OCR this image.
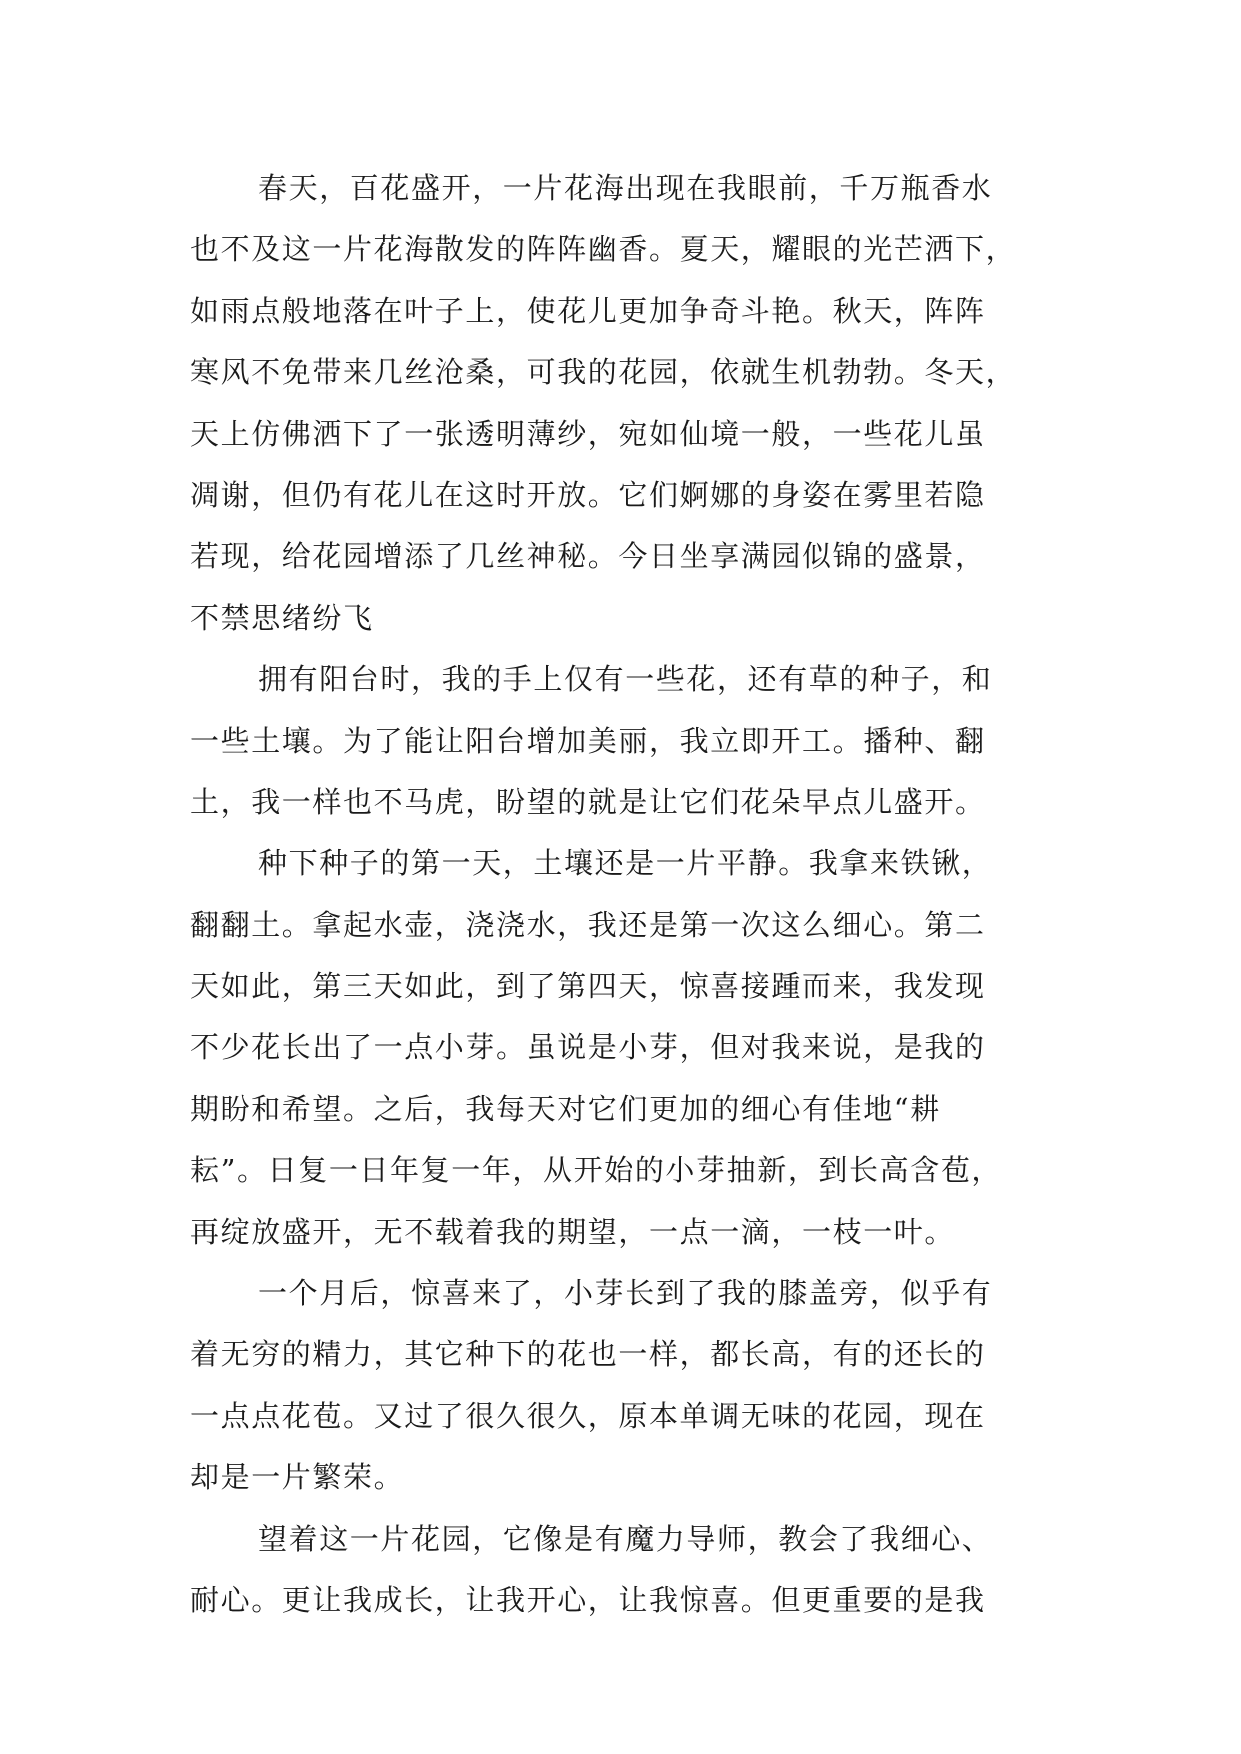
春天，百花盛开，一片花海出现在我眼前，千万瓶香水
也不及这一片花海散发的阵阵幽香。夏天，耀眼的光芒洒下，
如雨点般地落在叶子上，使花儿更加争奇斗艳。秋天，阵阵
寒风不免带来几丝沧桑，可我的花园，依就生机勃勃。冬天，
天上仿佛洒下了一张透明薄纱，宛如仙境一般，一些花儿虽
凋谢，但仍有花儿在这时开放。它们婀娜的身姿在雾里若隐
若现，给花园增添了几丝神秘。今日坐享满园似锦的盛景，
不禁思绪纷飞
拥有阳台时，我的手上仅有一些花，还有草的种子，和
一些土壤。为了能让阳台增加美丽，我立即开工。播种、翻
土，我一样也不马虎，盼望的就是让它们花朵早点儿盛开。
种下种子的第一天，土壤还是一片平静。我拿来铁锹，
翻翻土。拿起水壶，浇浇水，我还是第一次这么细心。第二
天如此，第三天如此，到了第四天，惊喜接踵而来，我发现
不少花长出了一点小芽。虽说是小芽，但对我来说，是我的
期盼和希望。之后，我每天对它们更加的细心有佳地“耕
耘”。日复一日年复一年，从开始的小芽抽新，到长高含苞，
再绽放盛开，无不载着我的期望，一点一滴，一枝一叶。
一个月后，惊喜来了，小芽长到了我的膝盖旁，似乎有
着无穷的精力，其它种下的花也一样，都长高，有的还长的
一点点花苞。又过了很久很久，原本单调无味的花园，现在
却是一片繁荣。
望着这一片花园，它像是有魔力导师，教会了我细心、
耐心。更让我成长，让我开心，让我惊喜。但更重要的是我
